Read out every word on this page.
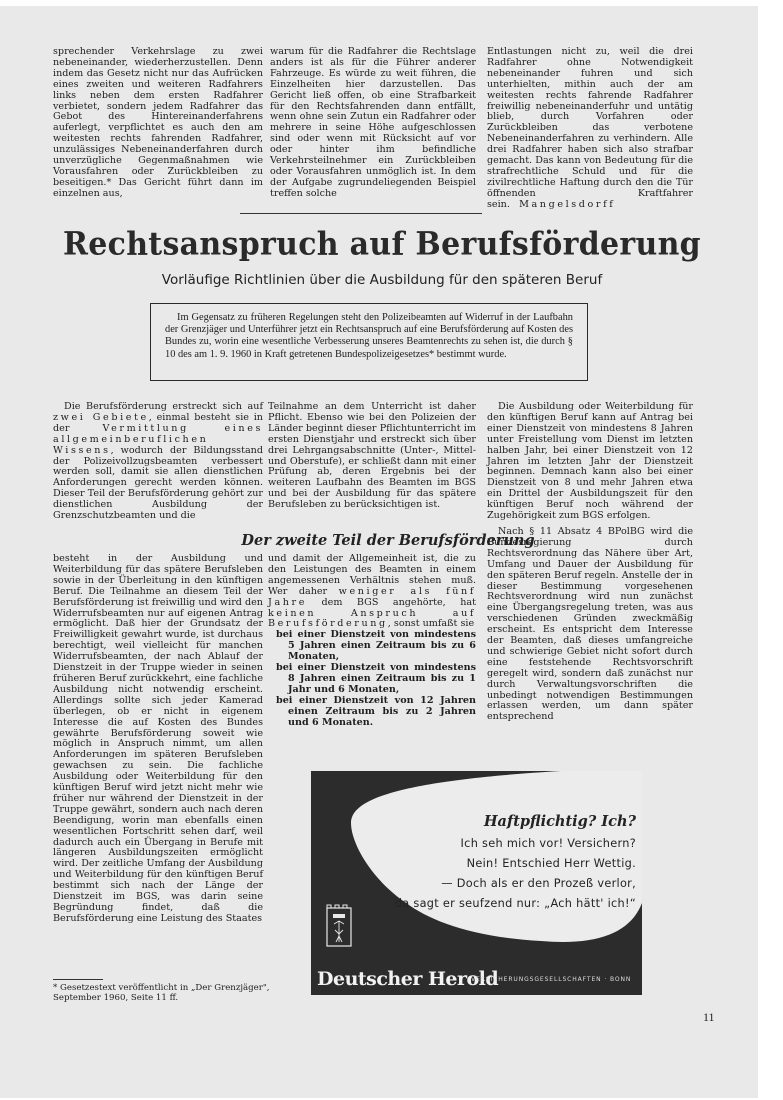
sprechender Verkehrslage zu zwei nebeneinander, wiederherzustellen. Denn indem das Gesetz nicht nur das Aufrücken eines zweiten und weiteren Radfahrers links neben dem ersten Radfahrer verbietet, sondern jedem Radfahrer das Gebot des Hintereinanderfahrens auferlegt, verpflichtet es auch den am weitesten rechts fahrenden Radfahrer, unzulässiges Nebeneinanderfahren durch unverzügliche Gegenmaßnahmen wie Vorausfahren oder Zurückbleiben zu beseitigen.* Das Gericht führt dann im einzelnen aus,

warum für die Radfahrer die Rechtslage anders ist als für die Führer anderer Fahrzeuge. Es würde zu weit führen, die Einzelheiten hier darzustellen. Das Gericht ließ offen, ob eine Strafbarkeit für den Rechtsfahrenden dann entfällt, wenn ohne sein Zutun ein Radfahrer oder mehrere in seine Höhe aufgeschlossen sind oder wenn mit Rücksicht auf vor oder hinter ihm befindliche Verkehrsteilnehmer ein Zurückbleiben oder Vorausfahren unmöglich ist. In dem der Aufgabe zugrundeliegenden Beispiel treffen solche

Entlastungen nicht zu, weil die drei Radfahrer ohne Notwendigkeit nebeneinander fuhren und sich unterhielten, mithin auch der am weitesten rechts fahrende Radfahrer freiwillig nebeneinanderfuhr und untätig blieb, durch Vorfahren oder Zurückbleiben das verbotene Nebeneinanderfahren zu verhindern. Alle drei Radfahrer haben sich also strafbar gemacht. Das kann von Bedeutung für die strafrechtliche Schuld und für die zivilrechtliche Haftung durch den die Tür öffnenden Kraftfahrer sein. Mangelsdorff

Rechtsanspruch auf Berufsförderung
Vorläufige Richtlinien über die Ausbildung für den späteren Beruf

Im Gegensatz zu früheren Regelungen steht den Polizeibeamten auf Widerruf in der Laufbahn der Grenzjäger und Unterführer jetzt ein Rechtsanspruch auf eine Berufsförderung auf Kosten des Bundes zu, worin eine wesentliche Verbesserung unseres Beamtenrechts zu sehen ist, die durch § 10 des am 1. 9. 1960 in Kraft getretenen Bundespolizeigesetzes* bestimmt wurde.

Die Berufsförderung erstreckt sich auf zwei Gebiete, einmal besteht sie in der	Vermittlung eines allgemeinberuflichen Wissens, wodurch der Bildungsstand der Polizeivollzugsbeamten verbessert werden soll, damit sie allen dienstlichen Anforderungen gerecht werden können. Dieser Teil der Berufsförderung gehört zur dienstlichen Ausbildung der Grenzschutzbeamten und die

Teilnahme an dem Unterricht ist daher Pflicht. Ebenso wie bei den Polizeien der Länder beginnt dieser Pflichtunterricht im ersten Dienstjahr und erstreckt sich über drei Lehrgangsabschnitte (Unter-, Mittel- und Oberstufe), er schließt dann mit einer Prüfung ab, deren Ergebnis bei der weiteren Laufbahn des Beamten im BGS und bei der Ausbildung für das spätere Berufsleben zu berücksichtigen ist.

Die Ausbildung oder Weiterbildung für den künftigen Beruf kann auf Antrag bei einer Dienstzeit von mindestens 8 Jahren unter Freistellung vom Dienst im letzten halben Jahr, bei einer Dienstzeit von 12 Jahren im letzten Jahr der Dienstzeit beginnen. Demnach kann also bei einer Dienstzeit von 8 und mehr Jahren etwa ein Drittel der Ausbildungszeit für den künftigen Beruf noch während der Zugehörigkeit zum BGS erfolgen.

Nach § 11 Absatz 4 BPolBG wird die Bundesregierung durch Rechtsverordnung das Nähere über Art, Umfang und Dauer der Ausbildung für den späteren Beruf regeln. Anstelle der in dieser Bestimmung vorgesehenen Rechtsverordnung wird nun zunächst eine Übergangsregelung treten, was aus verschiedenen Gründen zweckmäßig erscheint. Es entspricht dem Interesse der Beamten, daß dieses umfangreiche und schwierige Gebiet nicht sofort durch eine feststehende Rechtsvorschrift geregelt wird, sondern daß zunächst nur durch Verwaltungsvorschriften die unbedingt notwendigen Bestimmungen erlassen werden, um dann später entsprechend

Der zweite Teil der Berufsförderung

besteht in der Ausbildung und Weiterbildung für das spätere Berufsleben sowie in der Überleitung in den künftigen Beruf. Die Teilnahme an diesem Teil der Berufsförderung ist freiwillig und wird den Widerrufsbeamten nur auf eigenen Antrag ermöglicht. Daß hier der Grundsatz der Freiwilligkeit gewahrt wurde, ist durchaus berechtigt, weil vielleicht für manchen Widerrufsbeamten, der nach Ablauf der Dienstzeit in der Truppe wieder in seinen früheren Beruf zurückkehrt, eine fachliche Ausbildung nicht notwendig erscheint. Allerdings sollte sich jeder Kamerad überlegen, ob er nicht in eigenem Interesse die auf Kosten des Bundes gewährte Berufsförderung soweit wie möglich in Anspruch nimmt, um allen Anforderungen im späteren Berufsleben gewachsen zu sein. Die fachliche Ausbildung oder Weiterbildung für den künftigen Beruf wird jetzt nicht mehr wie früher nur während der Dienstzeit in der Truppe gewährt, sondern auch nach deren Beendigung, worin man ebenfalls einen wesentlichen Fortschritt sehen darf, weil dadurch auch ein Übergang in Berufe mit längeren Ausbildungszeiten ermöglicht wird. Der zeitliche Umfang der Ausbildung und Weiterbildung für den künftigen Beruf bestimmt sich nach der Länge der Dienstzeit im BGS, was darin seine Begründung findet, daß die Berufsförderung eine Leistung des Staates

und damit der Allgemeinheit ist, die zu den Leistungen des Beamten in einem angemessenen Verhältnis stehen muß. Wer daher weniger als fünf Jahre dem BGS angehörte, hat keinen Anspruch auf Berufsförderung, sonst umfaßt sie

bei einer Dienstzeit von mindestens 5 Jahren einen Zeitraum bis zu 6 Monaten,
bei einer Dienstzeit von mindestens 8 Jahren einen Zeitraum bis zu 1 Jahr und 6 Monaten,
bei einer Dienstzeit von 12 Jahren einen Zeitraum bis zu 2 Jahren und 6 Monaten.
* Gesetzestext veröffentlicht in „Der Grenzjäger", September 1960, Seite 11 ff.
Haftpflichtig? Ich?
Ich seh mich vor! Versichern?
Nein! Entschied Herr Wettig.
— Doch als er den Prozeß verlor,
da sagt er seufzend nur: „Ach hätt' ich!“
Deutscher Herold
VERSICHERUNGSGESELLSCHAFTEN · BONN
11
